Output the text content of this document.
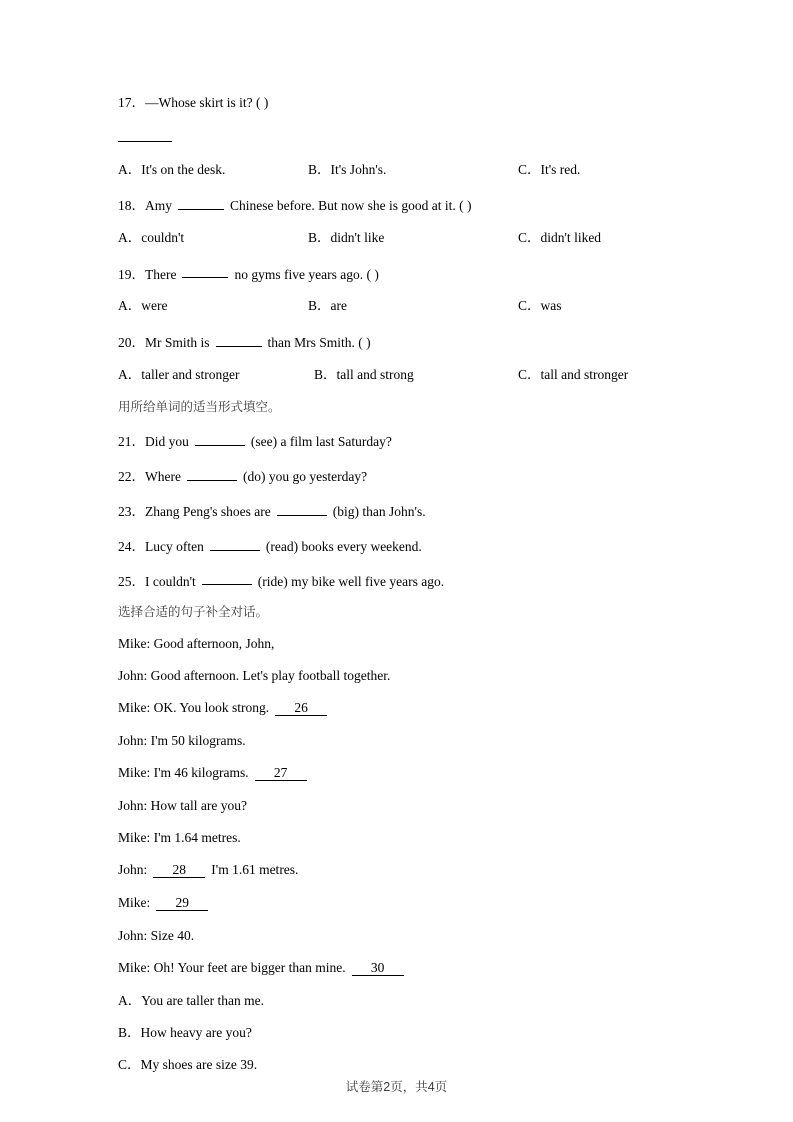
17．—Whose skirt is it? ( )
A．It's on the desk.	B．It's John's.	C．It's red.
18．Amy	Chinese before. But now she is good at it. ( )
A．couldn't	B．didn't like	C．didn't liked
19．There	no gyms five years ago. ( )
A．were	B．are	C．was
20．Mr Smith is	than Mrs Smith. ( )
A．taller and stronger	B．tall and strong	C．tall and stronger
用所给单词的适当形式填空。
21．Did you	(see) a film last Saturday?
22．Where	(do) you go yesterday?
23．Zhang Peng's shoes are	(big) than John's.
24．Lucy often	(read) books every weekend.
25．I couldn't	(ride) my bike well five years ago.
选择合适的句子补全对话。
Mike: Good afternoon, John,
John: Good afternoon. Let's play football together.
Mike: OK. You look strong. 26
John: I'm 50 kilograms.
Mike: I'm 46 kilograms. 27
John: How tall are you?
Mike: I'm 1.64 metres.
John: 28 I'm 1.61 metres.
Mike: 29
John: Size 40.
Mike: Oh! Your feet are bigger than mine. 30
A．You are taller than me.
B．How heavy are you?
C．My shoes are size 39.
试卷第2页，共4页
